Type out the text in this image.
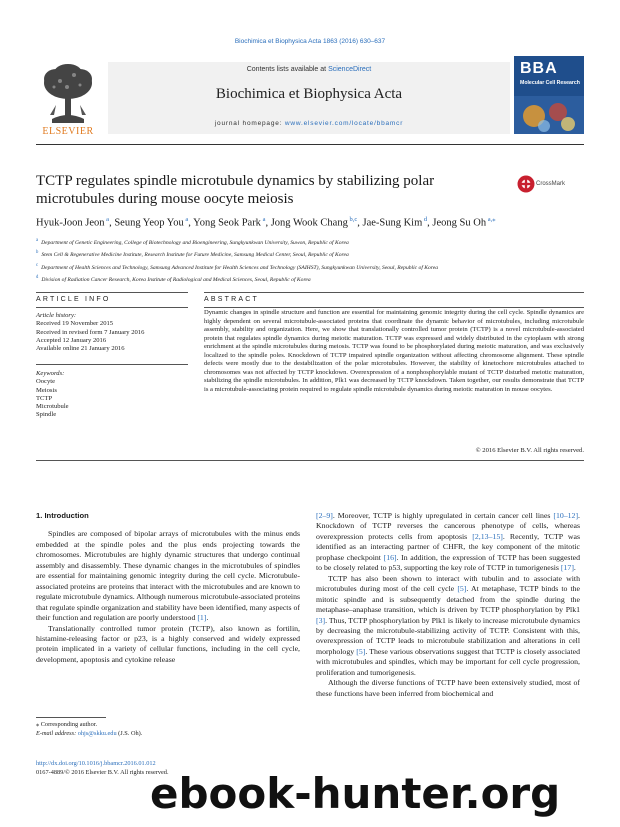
Biochimica et Biophysica Acta 1863 (2016) 630–637
ELSEVIER
Contents lists available at ScienceDirect
Biochimica et Biophysica Acta
journal homepage: www.elsevier.com/locate/bbamcr
BBA
Molecular Cell Research
TCTP regulates spindle microtubule dynamics by stabilizing polar microtubules during mouse oocyte meiosis
CrossMark
Hyuk-Joon Jeon $^a$, Seung Yeop You $^a$, Yong Seok Park $^a$, Jong Wook Chang $^{b,c}$, Jae-Sung Kim $^d$, Jeong Su Oh $^{a,⁎}$
$^a$ Department of Genetic Engineering, College of Biotechnology and Bioengineering, Sungkyunkwan University, Suwon, Republic of Korea
$^b$ Stem Cell & Regenerative Medicine Institute, Research Institute for Future Medicine, Samsung Medical Center, Seoul, Republic of Korea
$^c$ Department of Health Sciences and Technology, Samsung Advanced Institute for Health Sciences and Technology (SAIHST), Sungkyunkwan University, Seoul, Republic of Korea
$^d$ Division of Radiation Cancer Research, Korea Institute of Radiological and Medical Sciences, Seoul, Republic of Korea
ARTICLE INFO	ABSTRACT
Article history:
Received 19 November 2015
Received in revised form 7 January 2016
Accepted 12 January 2016
Available online 21 January 2016
Keywords:
Oocyte
Meiosis
TCTP
Microtubule
Spindle
Dynamic changes in spindle structure and function are essential for maintaining genomic integrity during the cell cycle. Spindle dynamics are highly dependent on several microtubule-associated proteins that coordinate the dynamic behavior of microtubules, including microtubule assembly, stability and organization. Here, we show that translationally controlled tumor protein (TCTP) is a novel microtubule-associated protein that regulates spindle dynamics during meiotic maturation. TCTP was expressed and widely distributed in the cytoplasm with strong enrichment at the spindle microtubules during meiosis. TCTP was found to be phosphorylated during meiotic maturation, and was exclusively localized to the spindle poles. Knockdown of TCTP impaired spindle organization without affecting chromosome alignment. These spindle defects were mostly due to the destabilization of the polar microtubules. However, the stability of kinetochore microtubules attached to chromosomes was not affected by TCTP knockdown. Overexpression of a nonphosphorylable mutant of TCTP disturbed meiotic maturation, stabilizing the spindle microtubules. In addition, Plk1 was decreased by TCTP knockdown. Taken together, our results demonstrate that TCTP is a microtubule-associating protein required to regulate spindle microtubule dynamics during meiotic maturation in mouse oocytes.
© 2016 Elsevier B.V. All rights reserved.

1. Introduction

Spindles are composed of bipolar arrays of microtubules with the minus ends embedded at the spindle poles and the plus ends projecting towards the chromosomes. Microtubules are highly dynamic structures that undergo continual assembly and disassembly. These dynamic changes in the microtubules of spindles are essential for maintaining genomic integrity during the cell cycle. Microtubule-associated proteins are proteins that interact with the microtubules and are known to regulate microtubule dynamics. Although numerous microtubule-associated proteins that regulate spindle organization and stability have been identified, many aspects of their function and regulation are poorly understood [1].

Translationally controlled tumor protein (TCTP), also known as fortilin, histamine-releasing factor or p23, is a highly conserved and widely expressed protein implicated in a variety of cellular functions, including in the cell cycle, development, apoptosis and cytokine release

[2–9]. Moreover, TCTP is highly upregulated in certain cancer cell lines [10–12]. Knockdown of TCTP reverses the cancerous phenotype of cells, whereas overexpression protects cells from apoptosis [2,13–15]. Recently, TCTP was identified as an interacting partner of CHFR, the key component of the mitotic prophase checkpoint [16]. In addition, the expression of TCTP has been suggested to be closely related to p53, supporting the key role of TCTP in tumorigenesis [17].

TCTP has also been shown to interact with tubulin and to associate with microtubules during most of the cell cycle [5]. At metaphase, TCTP binds to the mitotic spindle and is subsequently detached from the spindle during the metaphase–anaphase transition, which is driven by TCTP phosphorylation by Plk1 [3]. Thus, TCTP phosphorylation by Plk1 is likely to increase microtubule dynamics by decreasing the microtubule-stabilizing activity of TCTP. Consistent with this, overexpression of TCTP leads to microtubule stabilization and alterations in cell morphology [5]. These various observations suggest that TCTP is closely associated with microtubules and spindles, which may be important for cell cycle progression, proliferation and tumorigenesis.

Although the diverse functions of TCTP have been extensively studied, most of these functions have been inferred from biochemical and

⁎ Corresponding author.
E-mail address: ohjs@skku.edu (J.S. Oh).
http://dx.doi.org/10.1016/j.bbamcr.2016.01.012
0167-4889/© 2016 Elsevier B.V. All rights reserved.
ebook-hunter.org
